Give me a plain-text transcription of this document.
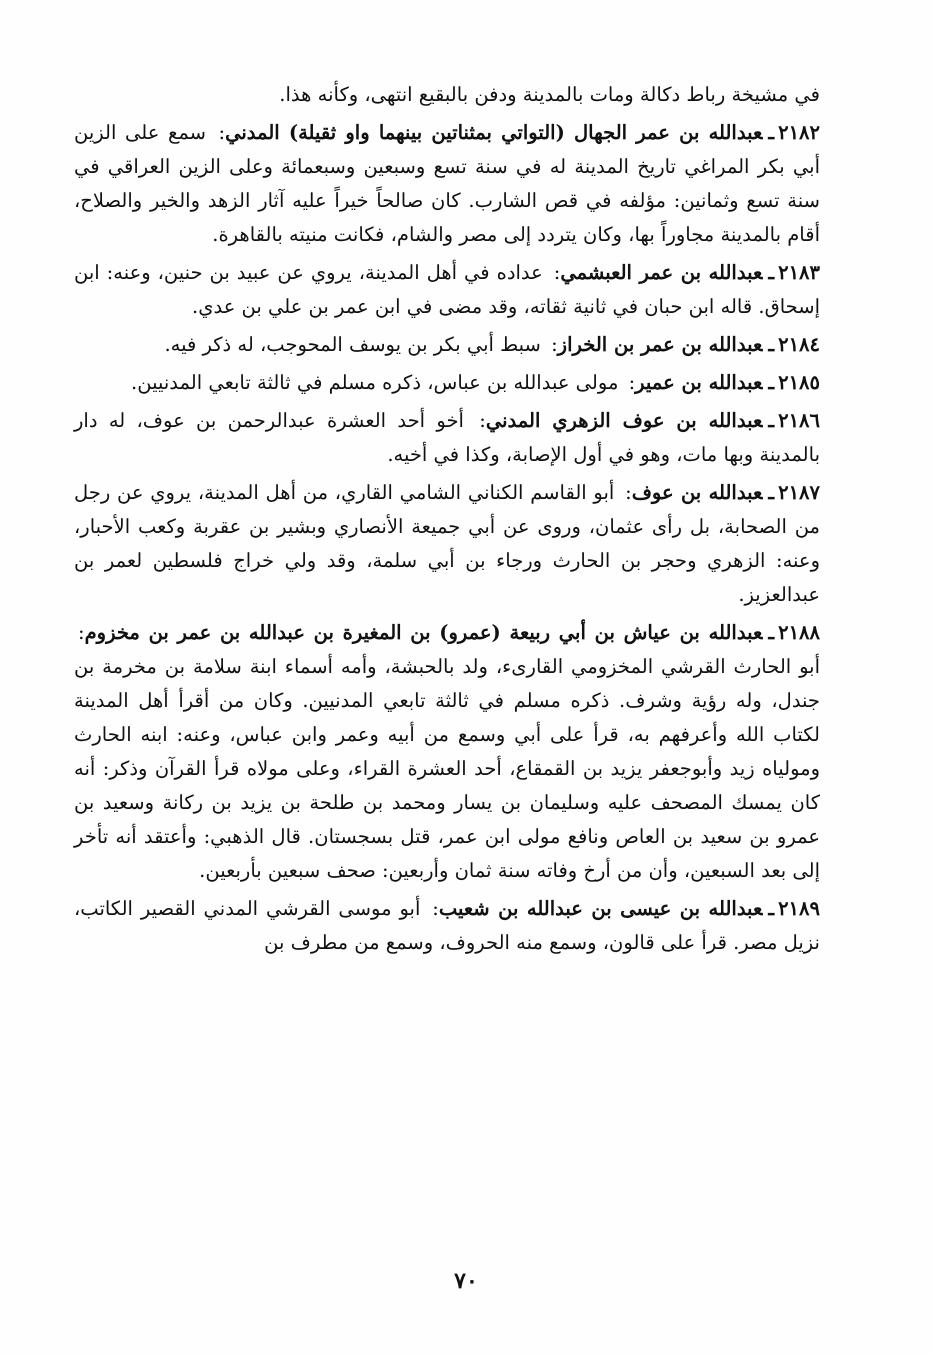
في مشيخة رباط دكالة ومات بالمدينة ودفن بالبقيع انتهى، وكأنه هذا.

٢١٨٢ـعبدالله بن عمر الجهال (التواتي بمثناتين بينهما واو ثقيلة) المدني: سمع على الزين أبي بكر المراغي تاريخ المدينة له في سنة تسع وسبعين وسبعمائة وعلى الزين العراقي في سنة تسع وثمانين: مؤلفه في قص الشارب. كان صالحاً خيراً عليه آثار الزهد والخير والصلاح، أقام بالمدينة مجاوراً بها، وكان يتردد إلى مصر والشام، فكانت منيته بالقاهرة.

٢١٨٣ـعبدالله بن عمر العبشمي: عداده في أهل المدينة، يروي عن عبيد بن حنين، وعنه: ابن إسحاق. قاله ابن حبان في ثانية ثقاته، وقد مضى في ابن عمر بن علي بن عدي.

٢١٨٤ـعبدالله بن عمر بن الخراز: سبط أبي بكر بن يوسف المحوجب، له ذكر فيه.

٢١٨٥ـعبدالله بن عمير: مولى عبدالله بن عباس، ذكره مسلم في ثالثة تابعي المدنيين.

٢١٨٦ـعبدالله بن عوف الزهري المدني: أخو أحد العشرة عبدالرحمن بن عوف، له دار بالمدينة وبها مات، وهو في أول الإصابة، وكذا في أخيه.

٢١٨٧ـعبدالله بن عوف: أبو القاسم الكناني الشامي القاري، من أهل المدينة، يروي عن رجل من الصحابة، بل رأى عثمان، وروى عن أبي جميعة الأنصاري وبشير بن عقربة وكعب الأحبار، وعنه: الزهري وحجر بن الحارث ورجاء بن أبي سلمة، وقد ولي خراج فلسطين لعمر بن عبدالعزيز.

٢١٨٨ـعبدالله بن عياش بن أبي ربيعة (عمرو) بن المغيرة بن عبدالله بن عمر بن مخزوم: أبو الحارث القرشي المخزومي القارىء، ولد بالحبشة، وأمه أسماء ابنة سلامة بن مخرمة بن جندل، وله رؤية وشرف. ذكره مسلم في ثالثة تابعي المدنيين. وكان من أقرأ أهل المدينة لكتاب الله وأعرفهم به، قرأ على أبي وسمع من أبيه وعمر وابن عباس، وعنه: ابنه الحارث ومولياه زيد وأبوجعفر يزيد بن القمقاع، أحد العشرة القراء، وعلى مولاه قرأ القرآن وذكر: أنه كان يمسك المصحف عليه وسليمان بن يسار ومحمد بن طلحة بن يزيد بن ركانة وسعيد بن عمرو بن سعيد بن العاص ونافع مولى ابن عمر، قتل بسجستان. قال الذهبي: وأعتقد أنه تأخر إلى بعد السبعين، وأن من أرخ وفاته سنة ثمان وأربعين: صحف سبعين بأربعين.

٢١٨٩ـعبدالله بن عيسى بن عبدالله بن شعيب: أبو موسى القرشي المدني القصير الكاتب، نزيل مصر. قرأ على قالون، وسمع منه الحروف، وسمع من مطرف بن

٧٠
